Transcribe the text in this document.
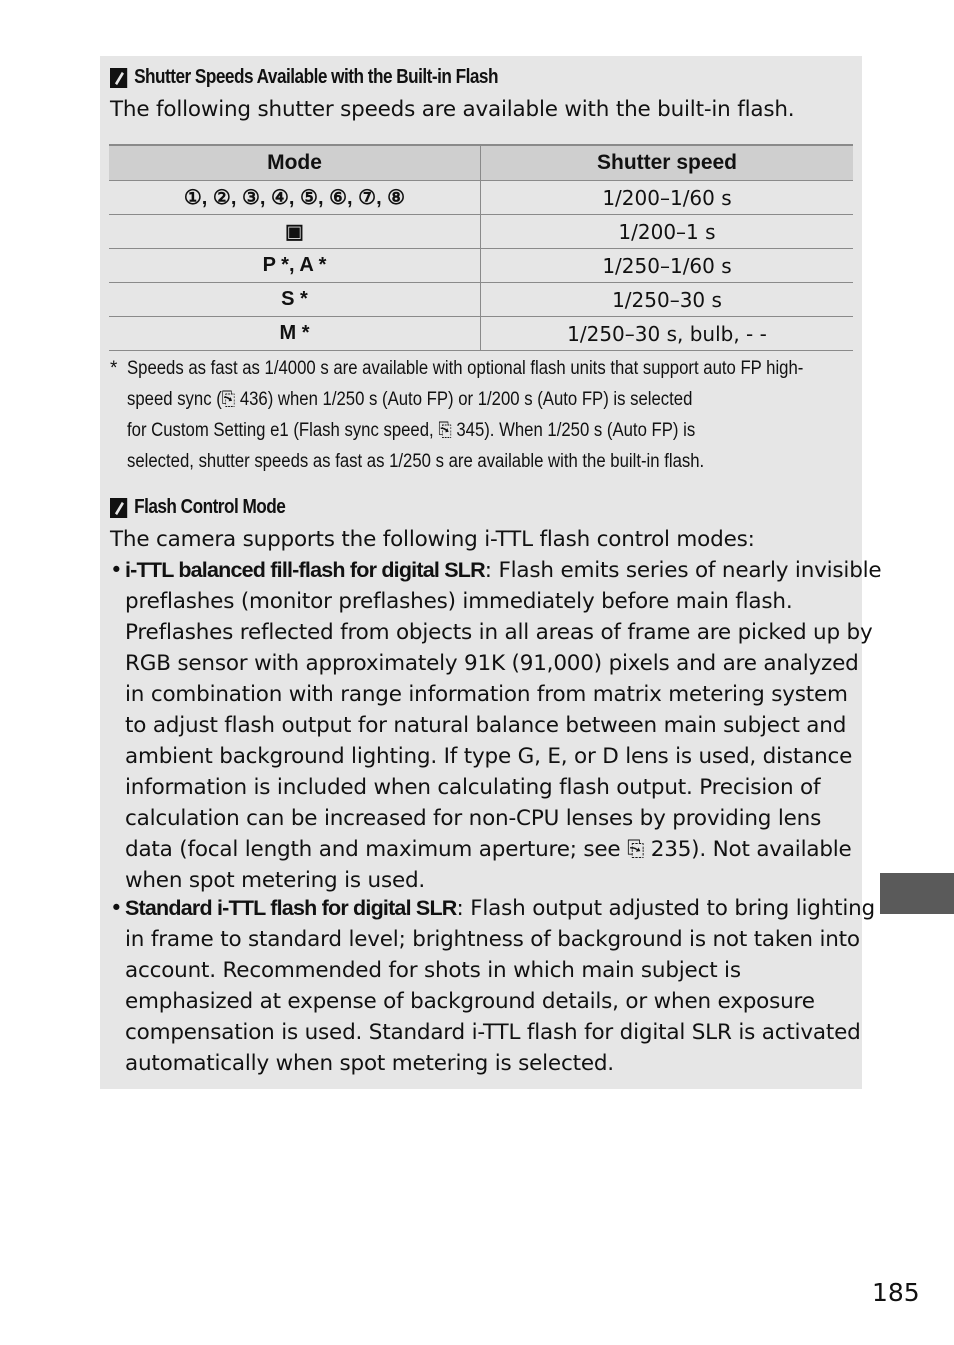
Shutter Speeds Available with the Built-in Flash
The following shutter speeds are available with the built-in flash.
Mode	Shutter speed
①, ②, ③, ④, ⑤, ⑥, ⑦, ⑧	1/200–1/60 s
▣	1/200–1 s
P *, A *	1/250–1/60 s
S *	1/250–30 s
M *	1/250–30 s, bulb, - -
* Speeds as fast as 1/4000 s are available with optional flash units that support auto FP high-
speed sync (⎘ 436) when 1/250 s (Auto FP) or 1/200 s (Auto FP) is selected
for Custom Setting e1 (Flash sync speed, ⎘ 345). When 1/250 s (Auto FP) is
selected, shutter speeds as fast as 1/250 s are available with the built-in flash.
Flash Control Mode
The camera supports the following i-TTL flash control modes:
• i-TTL balanced fill-flash for digital SLR: Flash emits series of nearly invisible
preflashes (monitor preflashes) immediately before main flash.
Preflashes reflected from objects in all areas of frame are picked up by
RGB sensor with approximately 91K (91,000) pixels and are analyzed
in combination with range information from matrix metering system
to adjust flash output for natural balance between main subject and
ambient background lighting. If type G, E, or D lens is used, distance
information is included when calculating flash output. Precision of
calculation can be increased for non-CPU lenses by providing lens
data (focal length and maximum aperture; see ⎘ 235). Not available
when spot metering is used.
• Standard i-TTL flash for digital SLR: Flash output adjusted to bring lighting
in frame to standard level; brightness of background is not taken into
account. Recommended for shots in which main subject is
emphasized at expense of background details, or when exposure
compensation is used. Standard i-TTL flash for digital SLR is activated
automatically when spot metering is selected.
185
